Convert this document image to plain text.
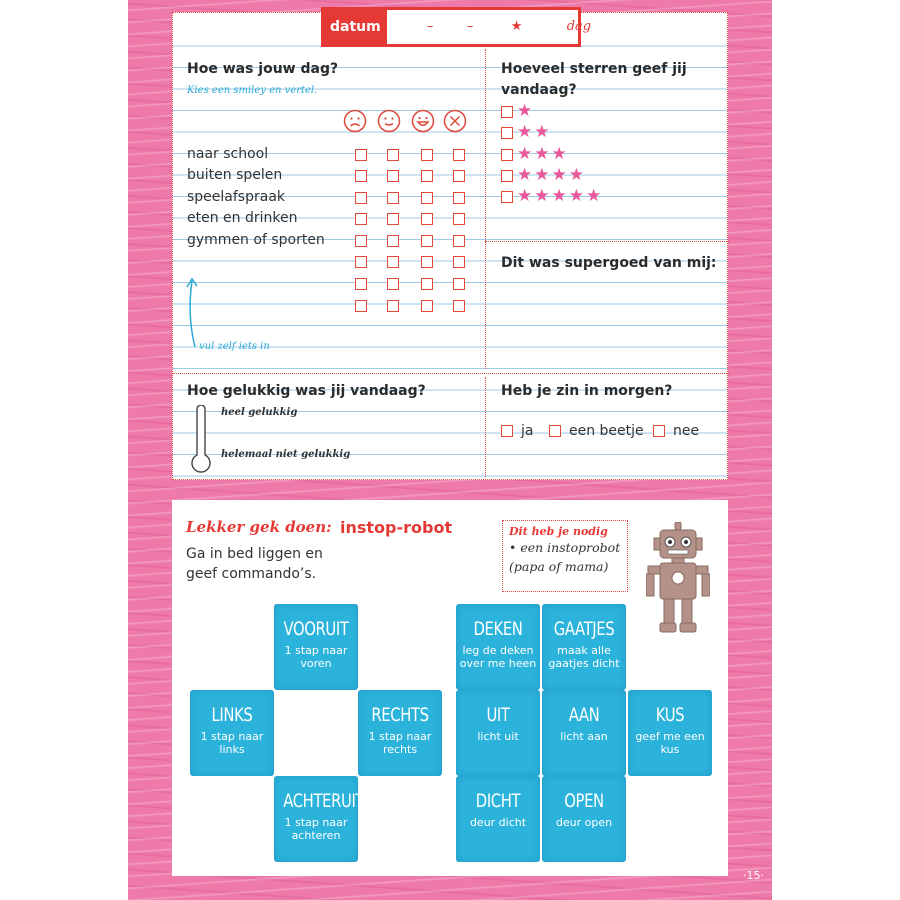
datum	–	–	★	dag
Hoe was jouw dag?
Kies een smiley en vertel.
naar school
buiten spelen
speelafspraak
eten en drinken
gymmen of sporten
vul zelf iets in
Hoeveel sterren geef jij
vandaag?
★
★ ★
★ ★ ★
★ ★ ★ ★
★ ★ ★ ★ ★
Dit was supergoed van mij:
Hoe gelukkig was jij vandaag?
heel gelukkig
helemaal niet gelukkig
Heb je zin in morgen?
ja	een beetje nee
Lekker gek doen: instop-robot
Ga in bed liggen en
geef commando’s.
Dit heb je nodig
• een instoprobot
(papa of mama)
VOORUIT
1 stap naar voren
LINKS
1 stap naar links
RECHTS
1 stap naar rechts
ACHTERUIT
1 stap naar achteren
DEKEN
leg de deken over me heen
GAATJES
maak alle gaatjes dicht
UIT
licht uit
AAN
licht aan
KUS
geef me een kus
DICHT
deur dicht
OPEN
deur open
·15·
